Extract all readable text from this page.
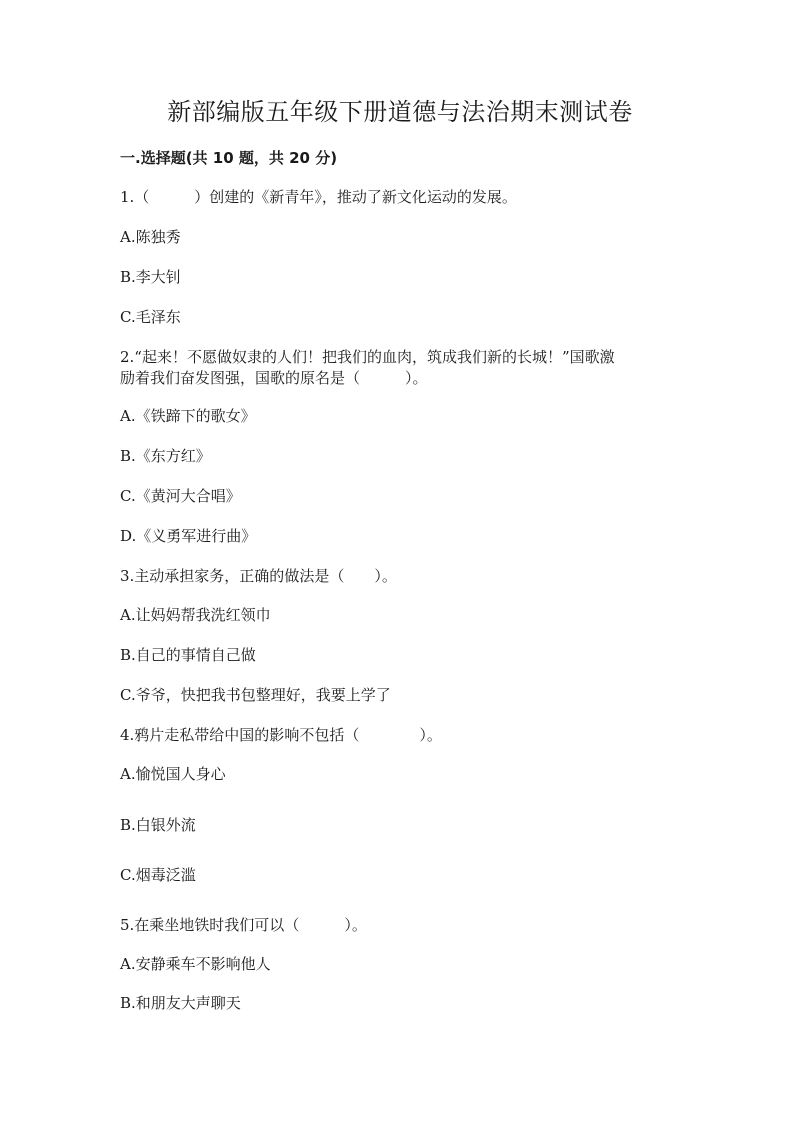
新部编版五年级下册道德与法治期末测试卷
一.选择题(共 10 题，共 20 分)
1.（　　　）创建的《新青年》，推动了新文化运动的发展。
A.陈独秀
B.李大钊
C.毛泽东
2.“起来！不愿做奴隶的人们！把我们的血肉，筑成我们新的长城！”国歌激
励着我们奋发图强，国歌的原名是（　　　）。
A.《铁蹄下的歌女》
B.《东方红》
C.《黄河大合唱》
D.《义勇军进行曲》
3.主动承担家务，正确的做法是（　　）。
A.让妈妈帮我洗红领巾
B.自己的事情自己做
C.爷爷，快把我书包整理好，我要上学了
4.鸦片走私带给中国的影响不包括（　　　　）。
A.愉悦国人身心
B.白银外流
C.烟毒泛滥
5.在乘坐地铁时我们可以（　　　）。
A.安静乘车不影响他人
B.和朋友大声聊天
